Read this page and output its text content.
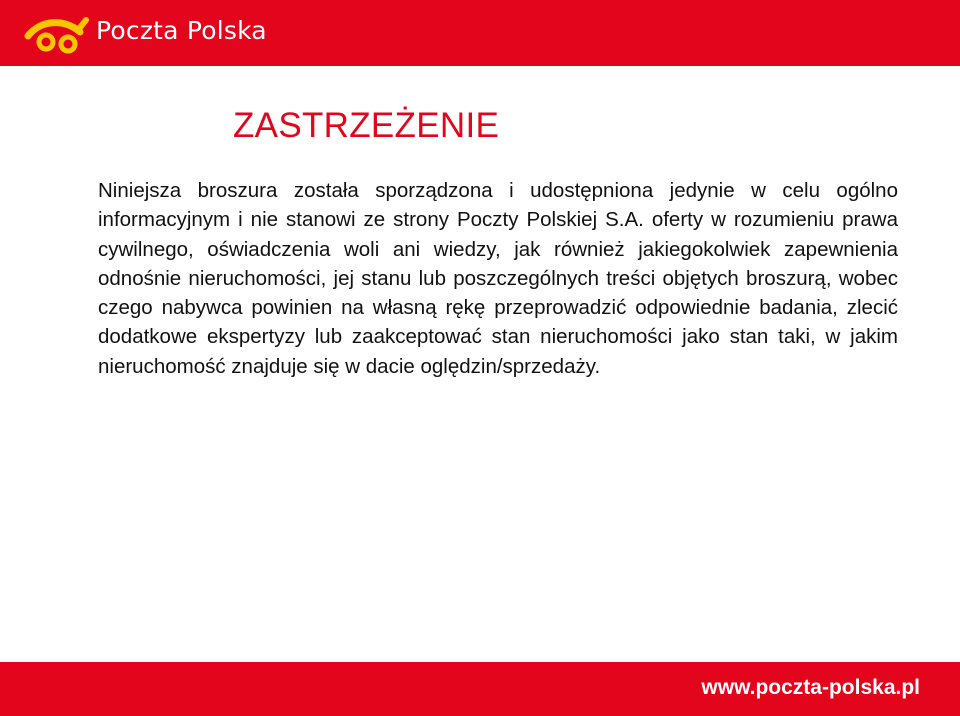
Poczta Polska
ZASTRZEŻENIE

Niniejsza broszura została sporządzona i udostępniona jedynie w celu ogólno informacyjnym i nie stanowi ze strony Poczty Polskiej S.A. oferty w rozumieniu prawa cywilnego, oświadczenia woli ani wiedzy, jak również jakiegokolwiek zapewnienia odnośnie nieruchomości, jej stanu lub poszczególnych treści objętych broszurą, wobec czego nabywca powinien na własną rękę przeprowadzić odpowiednie badania, zlecić dodatkowe ekspertyzy lub zaakceptować stan nieruchomości jako stan taki, w jakim nieruchomość znajduje się w dacie oględzin/sprzedaży.

www.poczta-polska.pl
